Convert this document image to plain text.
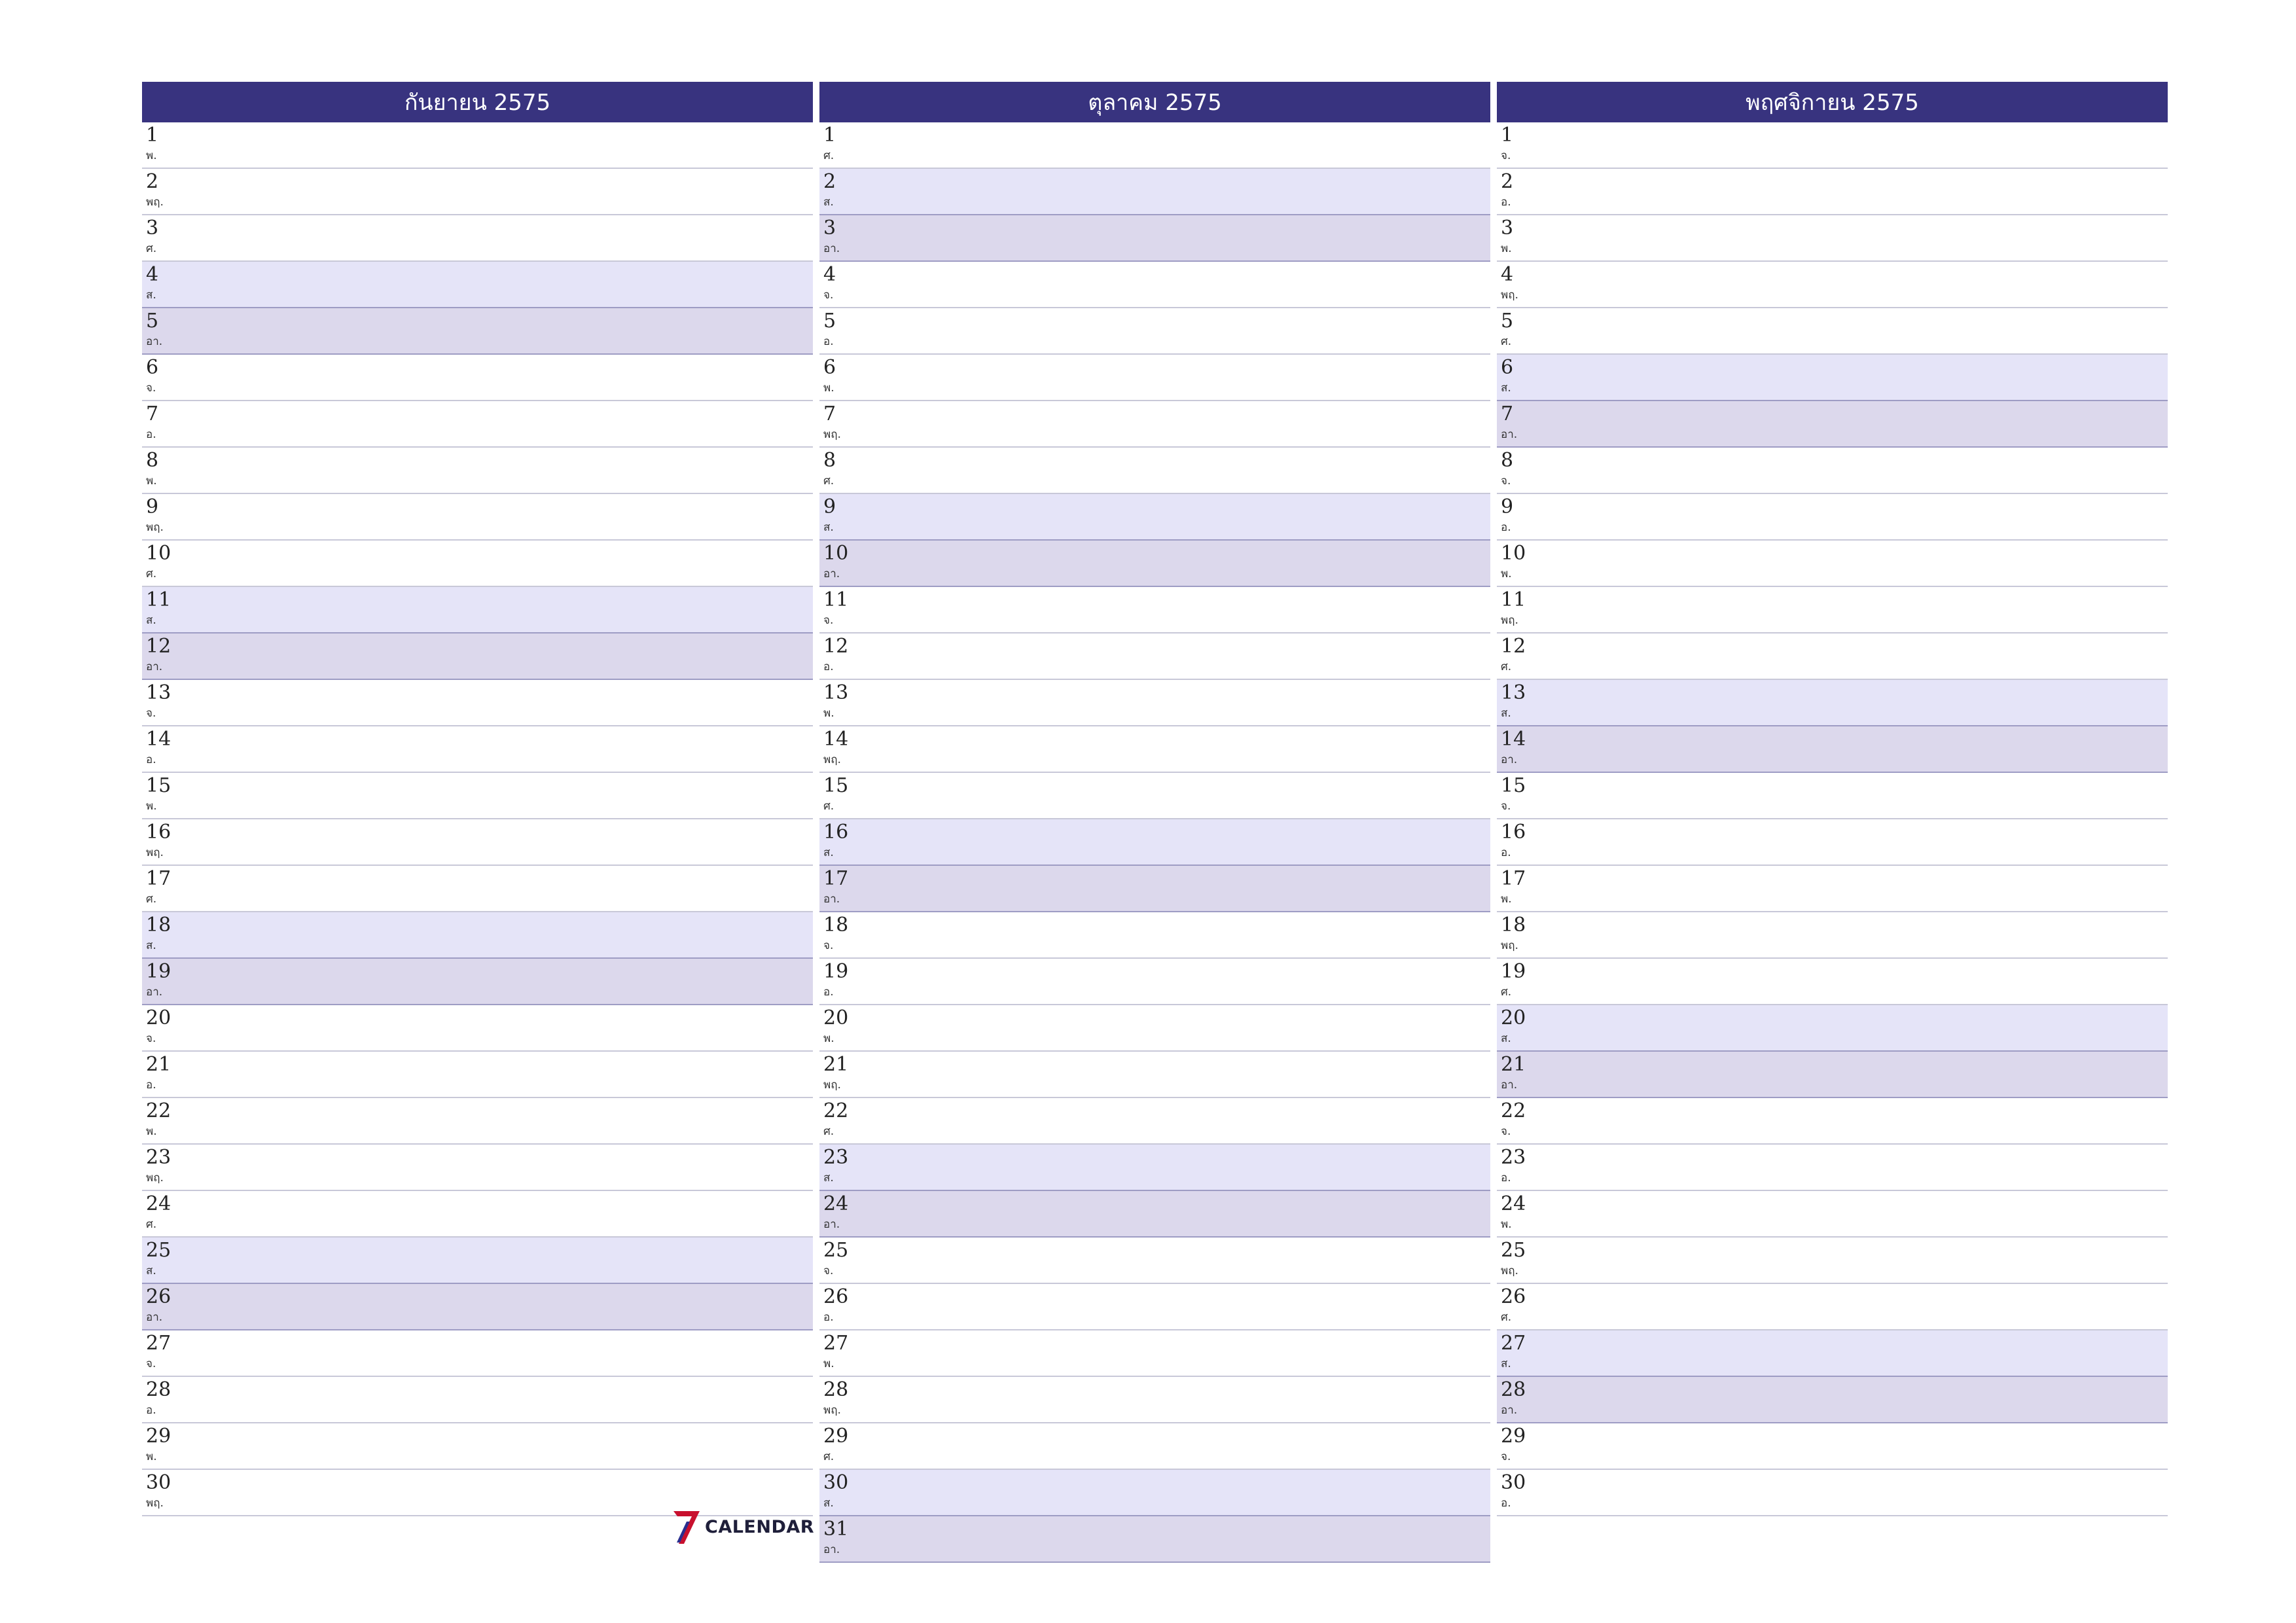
กันยายน 2575
1
พ.
2
พฤ.
3
ศ.
4
ส.
5
อา.
6
จ.
7
อ.
8
พ.
9
พฤ.
10
ศ.
11
ส.
12
อา.
13
จ.
14
อ.
15
พ.
16
พฤ.
17
ศ.
18
ส.
19
อา.
20
จ.
21
อ.
22
พ.
23
พฤ.
24
ศ.
25
ส.
26
อา.
27
จ.
28
อ.
29
พ.
30
พฤ.
ตุลาคม 2575
1
ศ.
2
ส.
3
อา.
4
จ.
5
อ.
6
พ.
7
พฤ.
8
ศ.
9
ส.
10
อา.
11
จ.
12
อ.
13
พ.
14
พฤ.
15
ศ.
16
ส.
17
อา.
18
จ.
19
อ.
20
พ.
21
พฤ.
22
ศ.
23
ส.
24
อา.
25
จ.
26
อ.
27
พ.
28
พฤ.
29
ศ.
30
ส.
31
อา.
พฤศจิกายน 2575
1
จ.
2
อ.
3
พ.
4
พฤ.
5
ศ.
6
ส.
7
อา.
8
จ.
9
อ.
10
พ.
11
พฤ.
12
ศ.
13
ส.
14
อา.
15
จ.
16
อ.
17
พ.
18
พฤ.
19
ศ.
20
ส.
21
อา.
22
จ.
23
อ.
24
พ.
25
พฤ.
26
ศ.
27
ส.
28
อา.
29
จ.
30
อ.
CALENDAR
